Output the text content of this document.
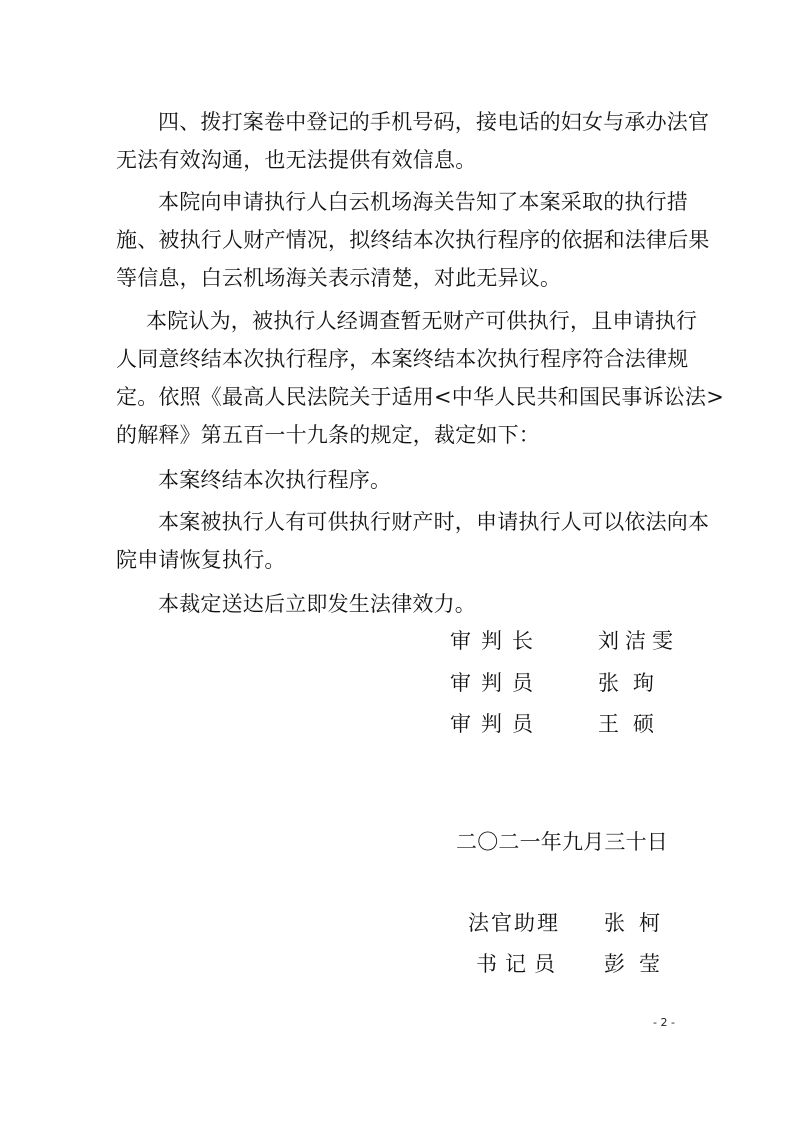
四、拨打案卷中登记的手机号码，接电话的妇女与承办法官
无法有效沟通，也无法提供有效信息。
本院向申请执行人白云机场海关告知了本案采取的执行措
施、被执行人财产情况，拟终结本次执行程序的依据和法律后果
等信息，白云机场海关表示清楚，对此无异议。
本院认为，被执行人经调查暂无财产可供执行，且申请执行
人同意终结本次执行程序，本案终结本次执行程序符合法律规
定。依照《最高人民法院关于适用<中华人民共和国民事诉讼法>
的解释》第五百一十九条的规定，裁定如下：
本案终结本次执行程序。
本案被执行人有可供执行财产时，申请执行人可以依法向本
院申请恢复执行。
本裁定送达后立即发生法律效力。
审判长	刘洁雯
审判员	张珣
审判员	王硕
二〇二一年九月三十日
法官助理 张柯
书记员 彭莹
- 2 -
